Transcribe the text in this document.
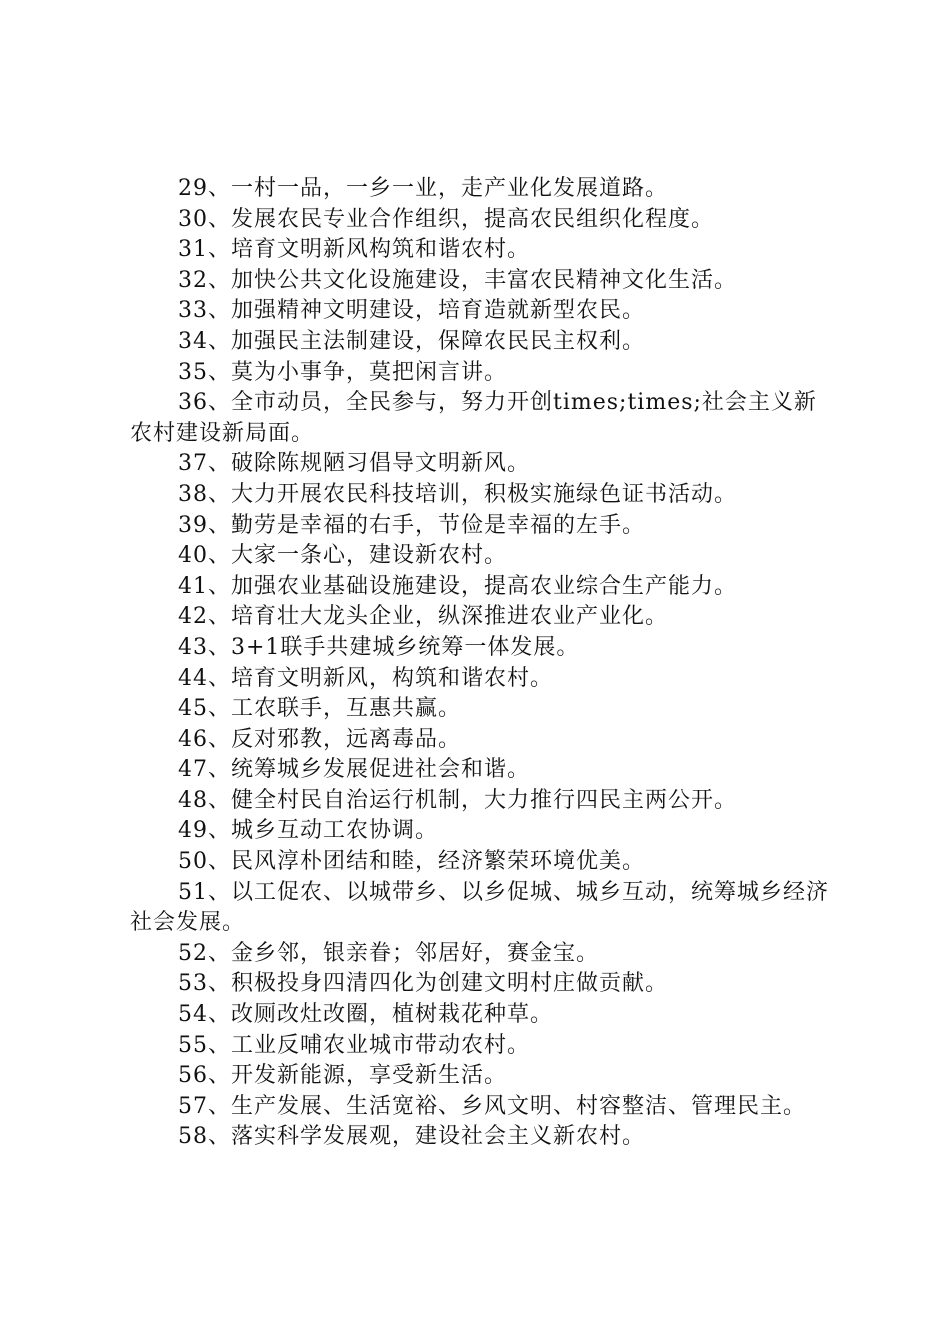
29、一村一品，一乡一业，走产业化发展道路。

30、发展农民专业合作组织，提高农民组织化程度。

31、培育文明新风构筑和谐农村。

32、加快公共文化设施建设，丰富农民精神文化生活。

33、加强精神文明建设，培育造就新型农民。

34、加强民主法制建设，保障农民民主权利。

35、莫为小事争，莫把闲言讲。

36、全市动员，全民参与，努力开创times;times;社会主义新农村建设新局面。

37、破除陈规陋习倡导文明新风。

38、大力开展农民科技培训，积极实施绿色证书活动。

39、勤劳是幸福的右手，节俭是幸福的左手。

40、大家一条心，建设新农村。

41、加强农业基础设施建设，提高农业综合生产能力。

42、培育壮大龙头企业，纵深推进农业产业化。

43、3+1联手共建城乡统筹一体发展。

44、培育文明新风，构筑和谐农村。

45、工农联手，互惠共赢。

46、反对邪教，远离毒品。

47、统筹城乡发展促进社会和谐。

48、健全村民自治运行机制，大力推行四民主两公开。

49、城乡互动工农协调。

50、民风淳朴团结和睦，经济繁荣环境优美。

51、以工促农、以城带乡、以乡促城、城乡互动，统筹城乡经济社会发展。

52、金乡邻，银亲眷；邻居好，赛金宝。

53、积极投身四清四化为创建文明村庄做贡献。

54、改厕改灶改圈，植树栽花种草。

55、工业反哺农业城市带动农村。

56、开发新能源，享受新生活。

57、生产发展、生活宽裕、乡风文明、村容整洁、管理民主。

58、落实科学发展观，建设社会主义新农村。
